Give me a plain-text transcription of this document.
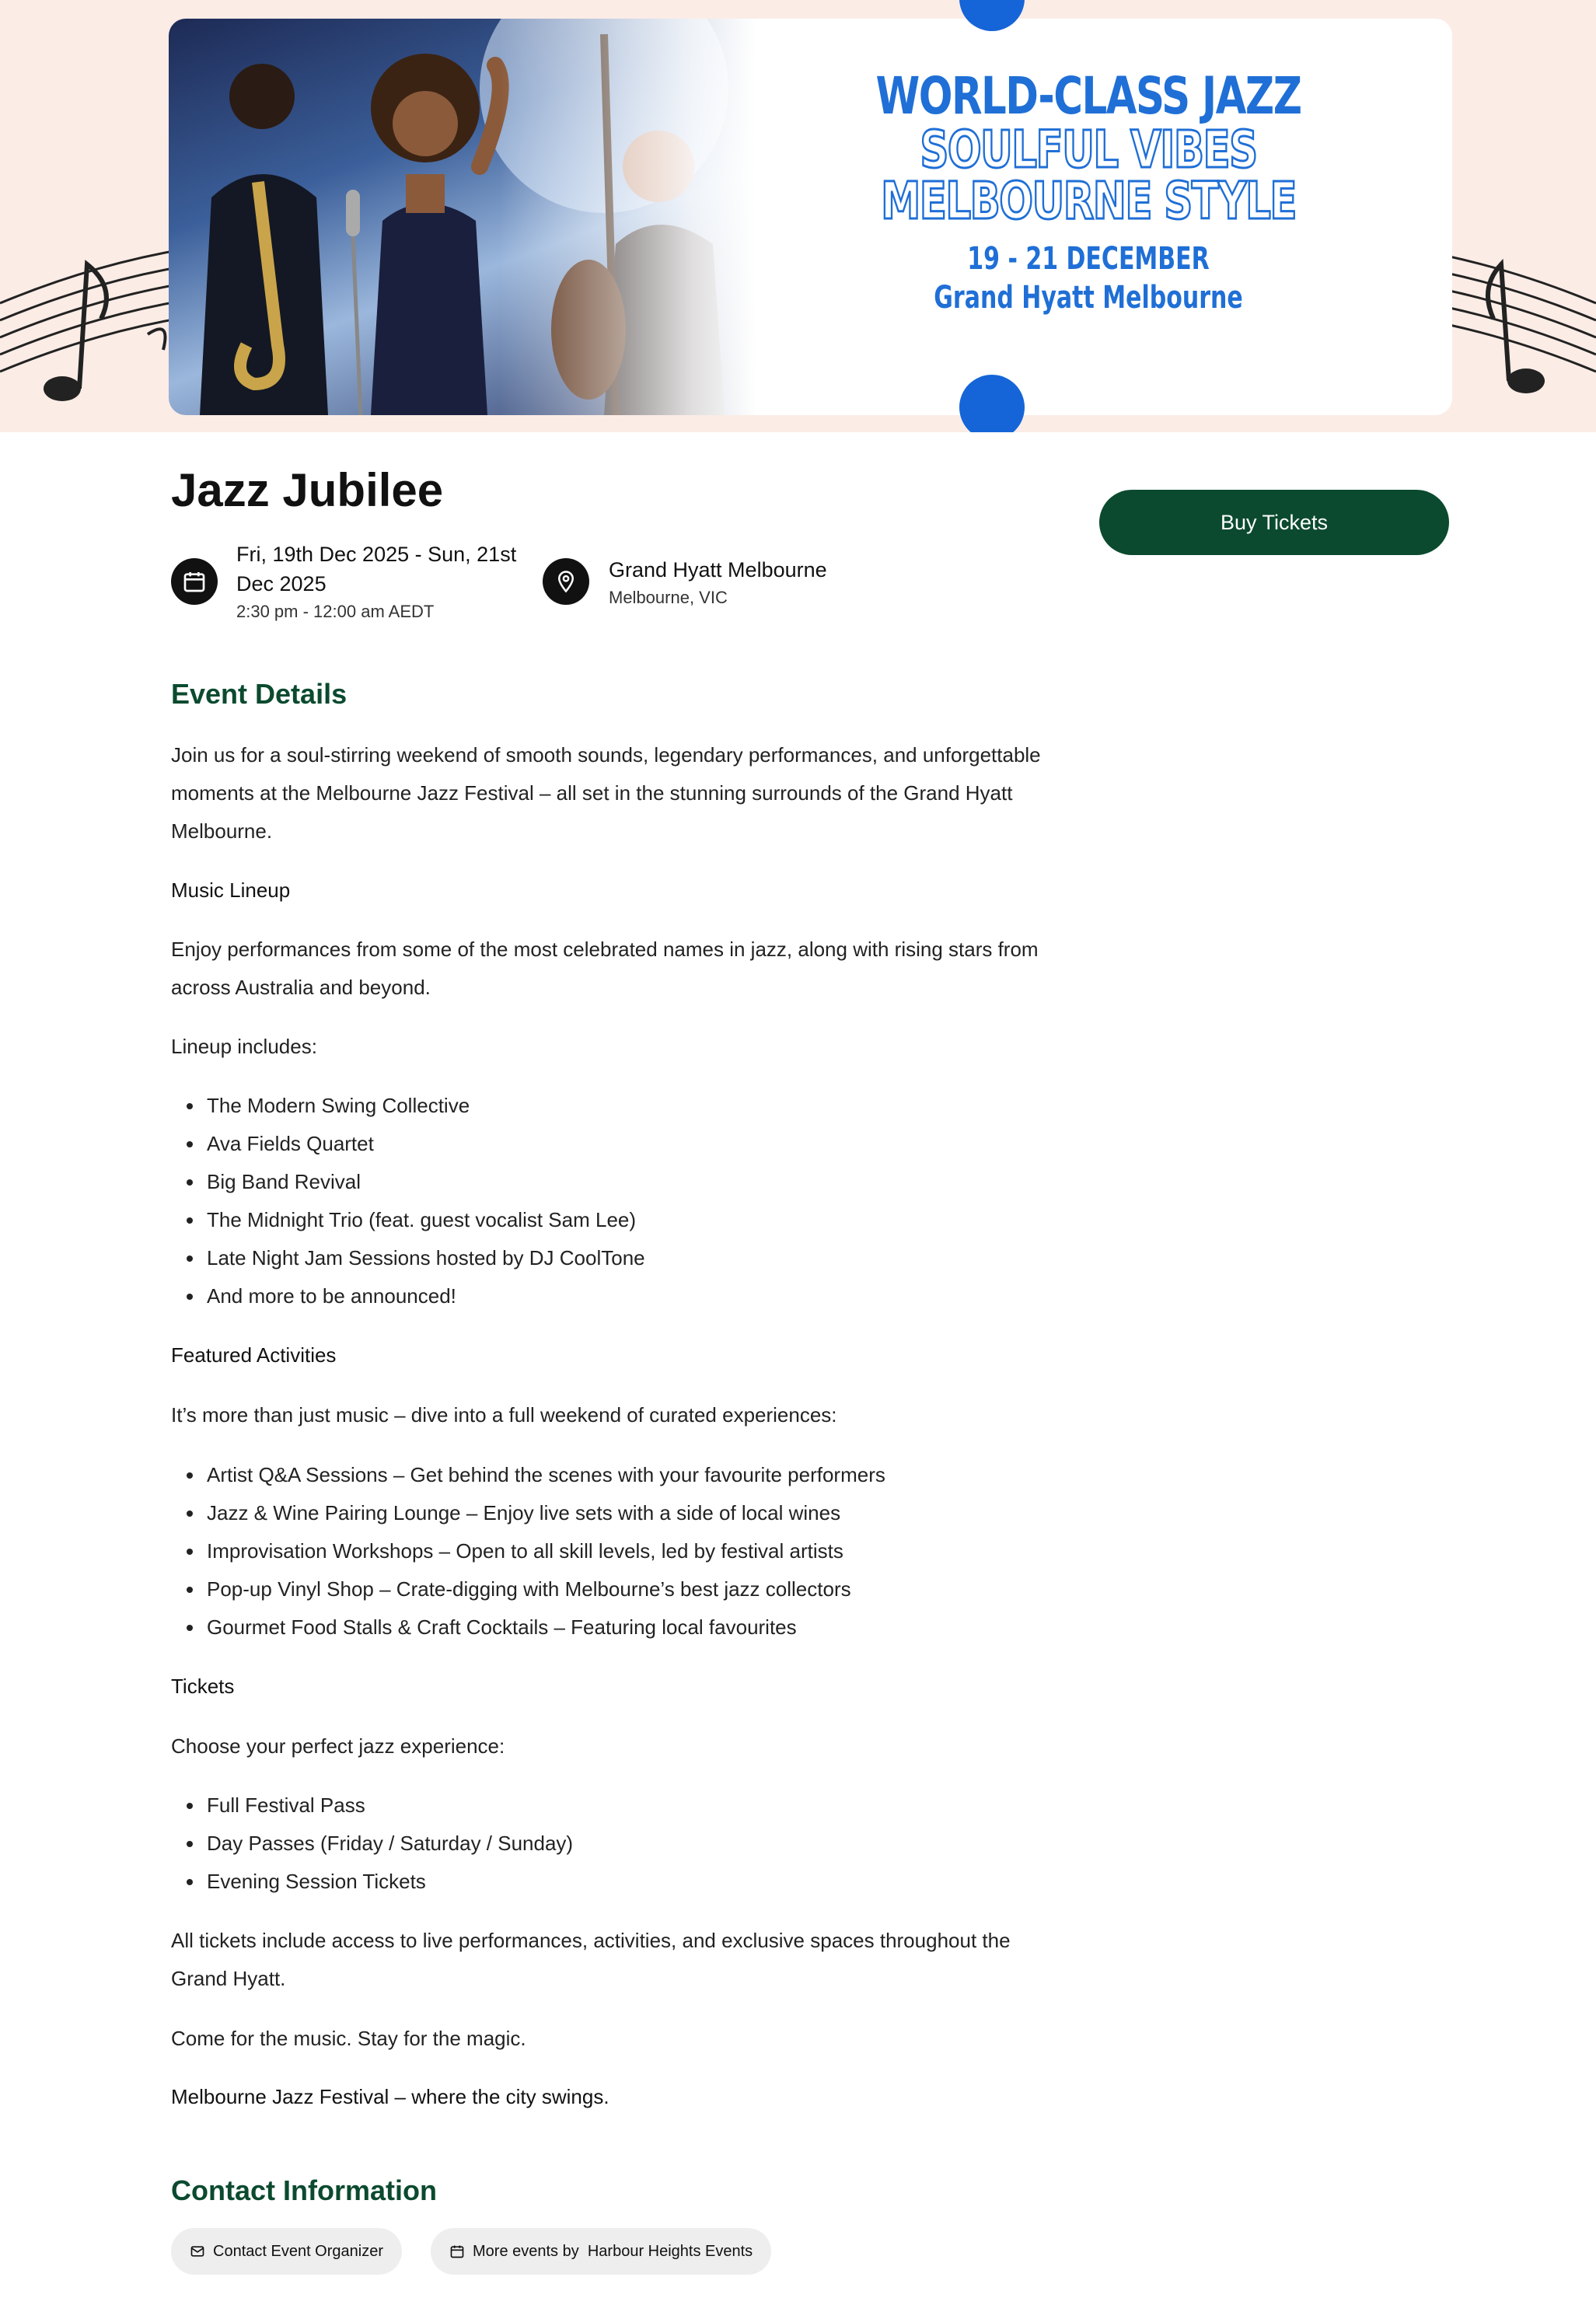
WORLD-CLASS JAZZ
SOULFUL VIBES
MELBOURNE STYLE
19 - 21 DECEMBER
Grand Hyatt Melbourne
Jazz Jubilee
Buy Tickets
Fri, 19th Dec 2025 - Sun, 21st Dec 2025
2:30 pm - 12:00 am AEDT
Grand Hyatt Melbourne
Melbourne, VIC
Event Details

Join us for a soul-stirring weekend of smooth sounds, legendary performances, and unforgettable moments at the Melbourne Jazz Festival – all set in the stunning surrounds of the Grand Hyatt Melbourne.

Music Lineup

Enjoy performances from some of the most celebrated names in jazz, along with rising stars from across Australia and beyond.

Lineup includes:

The Modern Swing Collective
Ava Fields Quartet
Big Band Revival
The Midnight Trio (feat. guest vocalist Sam Lee)
Late Night Jam Sessions hosted by DJ CoolTone
And more to be announced!
Featured Activities

It’s more than just music – dive into a full weekend of curated experiences:

Artist Q&A Sessions – Get behind the scenes with your favourite performers
Jazz & Wine Pairing Lounge – Enjoy live sets with a side of local wines
Improvisation Workshops – Open to all skill levels, led by festival artists
Pop-up Vinyl Shop – Crate-digging with Melbourne’s best jazz collectors
Gourmet Food Stalls & Craft Cocktails – Featuring local favourites
Tickets

Choose your perfect jazz experience:

Full Festival Pass
Day Passes (Friday / Saturday / Sunday)
Evening Session Tickets

All tickets include access to live performances, activities, and exclusive spaces throughout the Grand Hyatt.

Come for the music. Stay for the magic.

Melbourne Jazz Festival – where the city swings.
Contact Information
Contact Event Organizer	More events by  Harbour Heights Events
